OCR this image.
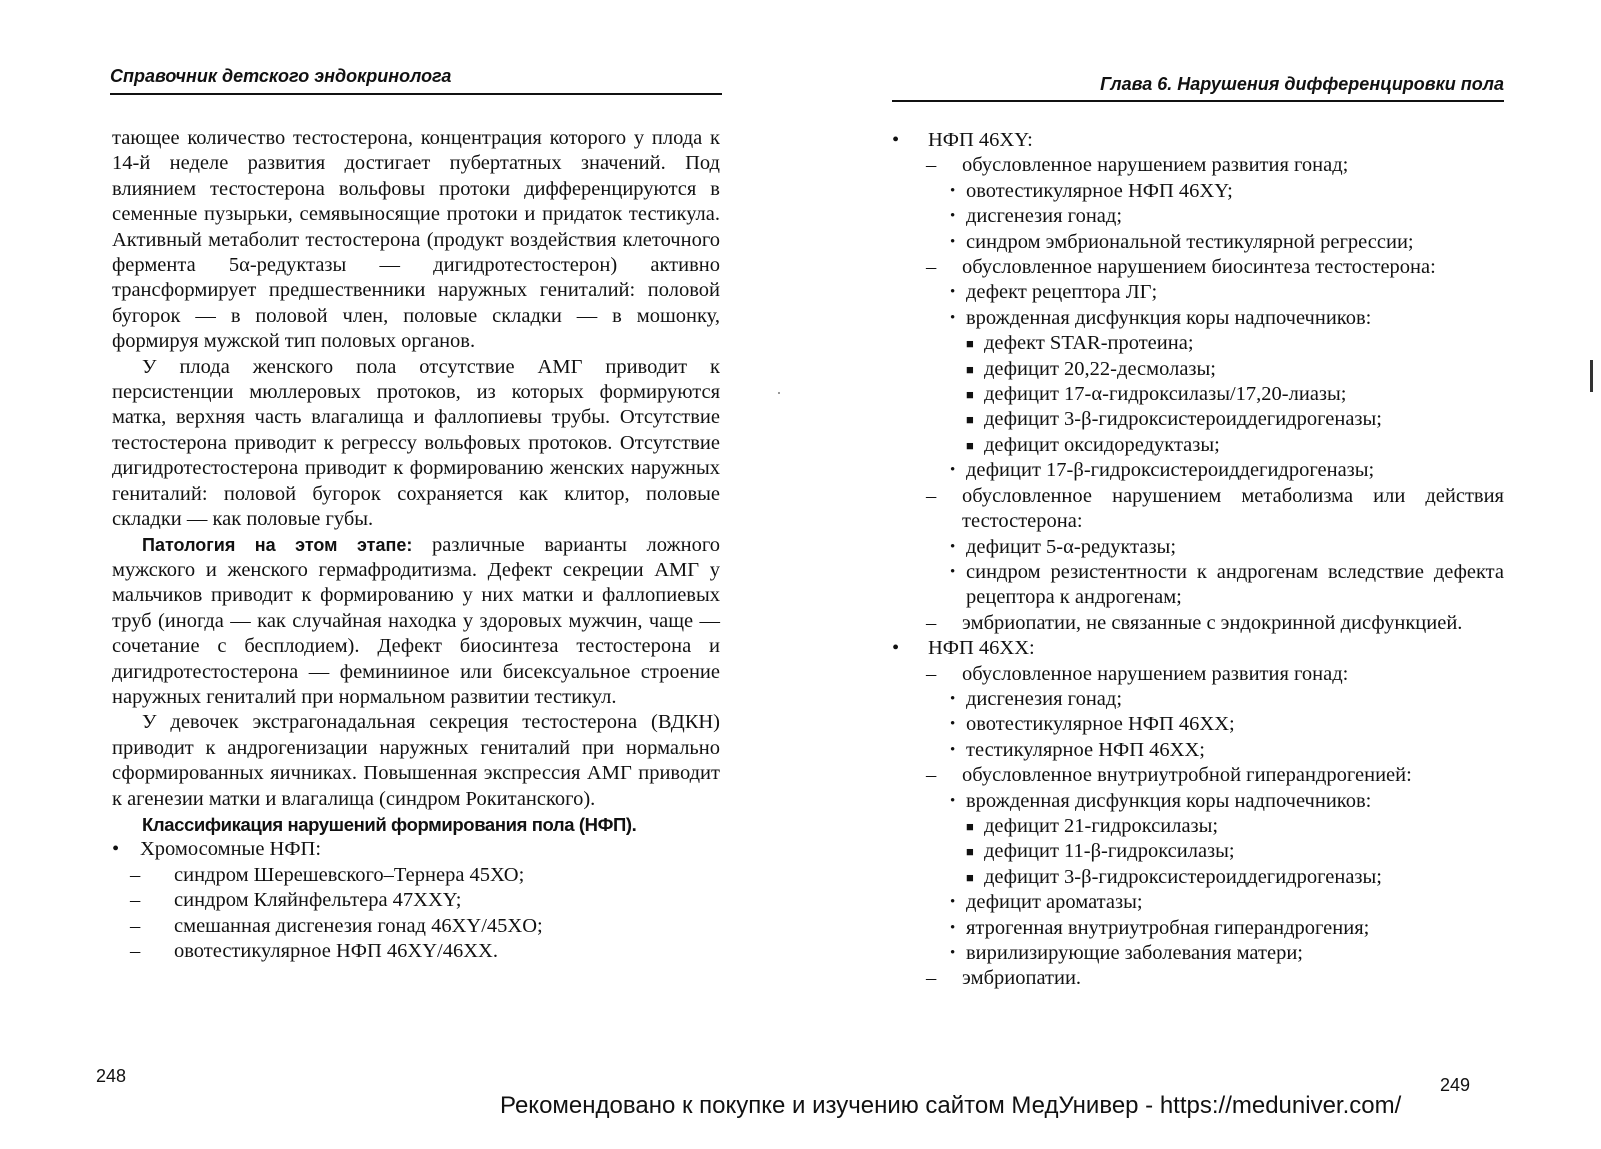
Справочник детского эндокринолога

тающее количество тестостерона, концентрация которого у плода к 14-й неделе развития достигает пубертатных значений. Под влиянием тестостерона вольфовы протоки дифференцируются в семенные пузырьки, семявыносящие протоки и придаток тестикула. Активный метаболит тестостерона (продукт воздействия клеточного фермента 5α-редуктазы — дигидротестостерон) активно трансформирует предшественники наружных гениталий: половой бугорок — в половой член, половые складки — в мошонку, формируя мужской тип половых органов.

У плода женского пола отсутствие АМГ приводит к персистенции мюллеровых протоков, из которых формируются матка, верхняя часть влагалища и фаллопиевы трубы. Отсутствие тестостерона приводит к регрессу вольфовых протоков. Отсутствие дигидротестостерона приводит к формированию женских наружных гениталий: половой бугорок сохраняется как клитор, половые складки — как половые губы.

Патология на этом этапе: различные варианты ложного мужского и женского гермафродитизма. Дефект секреции АМГ у мальчиков приводит к формированию у них матки и фаллопиевых труб (иногда — как случайная находка у здоровых мужчин, чаще — сочетание с бесплодием). Дефект биосинтеза тестостерона и дигидротестостерона — феминииное или бисексуальное строение наружных гениталий при нормальном развитии тестикул.

У девочек экстрагонадальная секреция тестостерона (ВДКН) приводит к андрогенизации наружных гениталий при нормально сформированных яичниках. Повышенная экспрессия АМГ приводит к агенезии матки и влагалища (синдром Рокитанского).

Классификация нарушений формирования пола (НФП).

• Хромосомные НФП:
– синдром Шерешевского–Тернера 45ХО;
– синдром Кляйнфельтера 47XXY;
– смешанная дисгенезия гонад 46XY/45XO;
– овотестикулярное НФП 46XY/46XX.
248
Глава 6. Нарушения дифференцировки пола

• НФП 46XY:

– обусловленное нарушением развития гонад;

• овотестикулярное НФП 46XY;

• дисгенезия гонад;

• синдром эмбриональной тестикулярной регрессии;

– обусловленное нарушением биосинтеза тестостерона:

• дефект рецептора ЛГ;

• врожденная дисфункция коры надпочечников:

■ дефект STAR-протеина;

■ дефицит 20,22-десмолазы;

■ дефицит 17-α-гидроксилазы/17,20-лиазы;

■ дефицит 3-β-гидроксистероиддегидрогеназы;

■ дефицит оксидоредуктазы;

• дефицит 17-β-гидроксистероиддегидрогеназы;

– обусловленное нарушением метаболизма или действия тестостерона:

• дефицит 5-α-редуктазы;

• синдром резистентности к андрогенам вследствие дефекта рецептора к андрогенам;

– эмбриопатии, не связанные с эндокринной дисфункцией.

• НФП 46XX:

– обусловленное нарушением развития гонад:

• дисгенезия гонад;

• овотестикулярное НФП 46XX;

• тестикулярное НФП 46XX;

– обусловленное внутриутробной гиперандрогенией:

• врожденная дисфункция коры надпочечников:

■ дефицит 21-гидроксилазы;

■ дефицит 11-β-гидроксилазы;

■ дефицит 3-β-гидроксистероиддегидрогеназы;

• дефицит ароматазы;

• ятрогенная внутриутробная гиперандрогения;

• вирилизирующие заболевания матери;

– эмбриопатии.

249
Рекомендовано к покупке и изучению сайтом МедУнивер - https://meduniver.com/
